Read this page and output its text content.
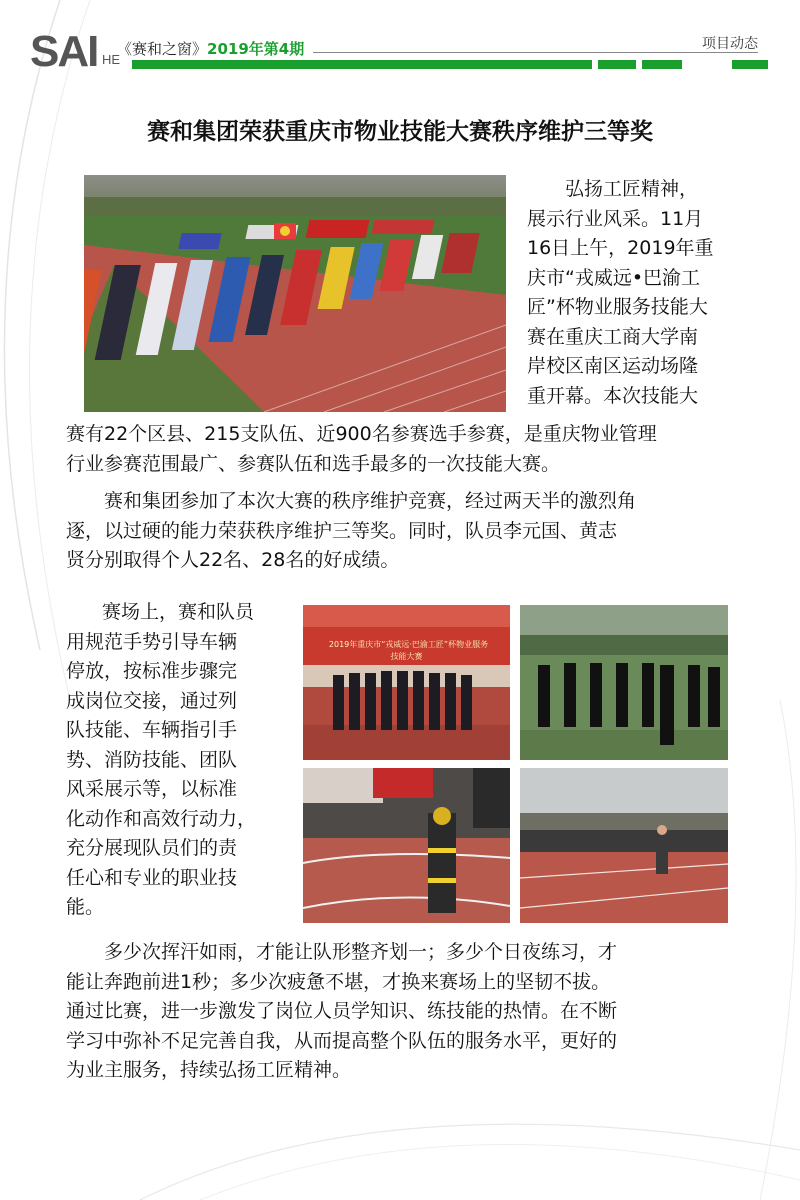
SAI HE
《赛和之窗》2019年第4期	项目动态
赛和集团荣获重庆市物业技能大赛秩序维护三等奖
弘扬工匠精神，
展示行业风采。11月
16日上午，2019年重
庆市“戎威远•巴渝工
匠”杯物业服务技能大
赛在重庆工商大学南
岸校区南区运动场隆
重开幕。本次技能大
赛有22个区县、215支队伍、近900名参赛选手参赛，是重庆物业管理
行业参赛范围最广、参赛队伍和选手最多的一次技能大赛。
赛和集团参加了本次大赛的秩序维护竞赛，经过两天半的激烈角
逐，以过硬的能力荣获秩序维护三等奖。同时，队员李元国、黄志
贤分别取得个人22名、28名的好成绩。
赛场上，赛和队员
用规范手势引导车辆
停放，按标准步骤完
成岗位交接，通过列
队技能、车辆指引手
势、消防技能、团队
风采展示等，以标准
化动作和高效行动力，
充分展现队员们的责
任心和专业的职业技
能。
2019年重庆市“戎威远·巴渝工匠”杯物业服务
技能大赛
多少次挥汗如雨，才能让队形整齐划一；多少个日夜练习，才
能让奔跑前进1秒；多少次疲惫不堪，才换来赛场上的坚韧不拔。
通过比赛，进一步激发了岗位人员学知识、练技能的热情。在不断
学习中弥补不足完善自我，从而提高整个队伍的服务水平，更好的
为业主服务，持续弘扬工匠精神。
